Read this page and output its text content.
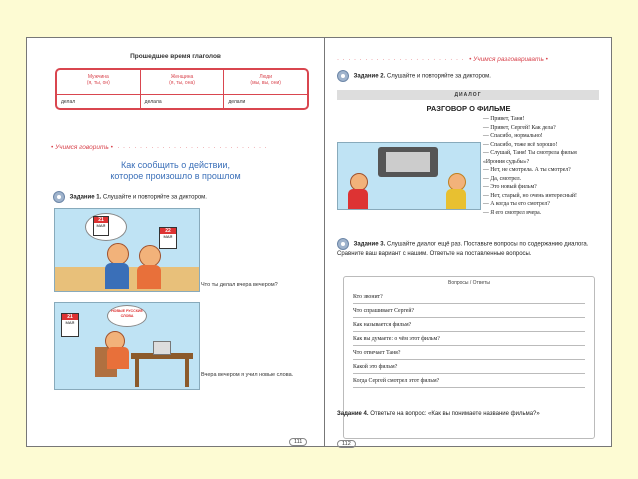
Прошедшее время глаголов
Мужчина
(я, ты, он)
Женщина
(я, ты, она)
Люди
(мы, вы, они)
делал	делала	делали
• Учимся говорить • · · · · · · · · · · · · · · · · · · · · · · · · · · ·
Как сообщить о действии,
которое произошло в прошлом
Задание 1. Слушайте и повторяйте за диктором.
21
МАЯ
22
МАЯ
Что ты делал вчера вечером?
21
МАЯ
НОВЫЕ РУССКИЕ СЛОВА
Вчера вечером я учил новые слова.
111
· · · · · · · · · · · · · · · · · · · · · · · • Учимся разговаривать •
Задание 2. Слушайте и повторяйте за диктором.
ДИАЛОГ
РАЗГОВОР О ФИЛЬМЕ
— Привет, Таня!
— Привет, Сергей! Как дела?
— Спасибо, нормально!
— Спасибо, тоже всё хорошо!
— Слушай, Таня! Ты смотрела фильм
«Ирония судьбы»?
— Нет, не смотрела. А ты смотрел?
— Да, смотрел.
— Это новый фильм?
— Нет, старый, но очень интересный!
— А когда ты его смотрел?
— Я его смотрел вчера.
Задание 3. Слушайте диалог ещё раз. Поставьте вопросы по содержанию диалога. Сравните ваш вариант с нашим. Ответьте на поставленные вопросы.
Вопросы / Ответы
Кто звонит?
Что спрашивает Сергей?
Как называется фильм?
Как вы думаете: о чём этот фильм?
Что отвечает Таня?
Какой это фильм?
Когда Сергей смотрел этот фильм?
Задание 4. Ответьте на вопрос: «Как вы понимаете название фильма?»
112
